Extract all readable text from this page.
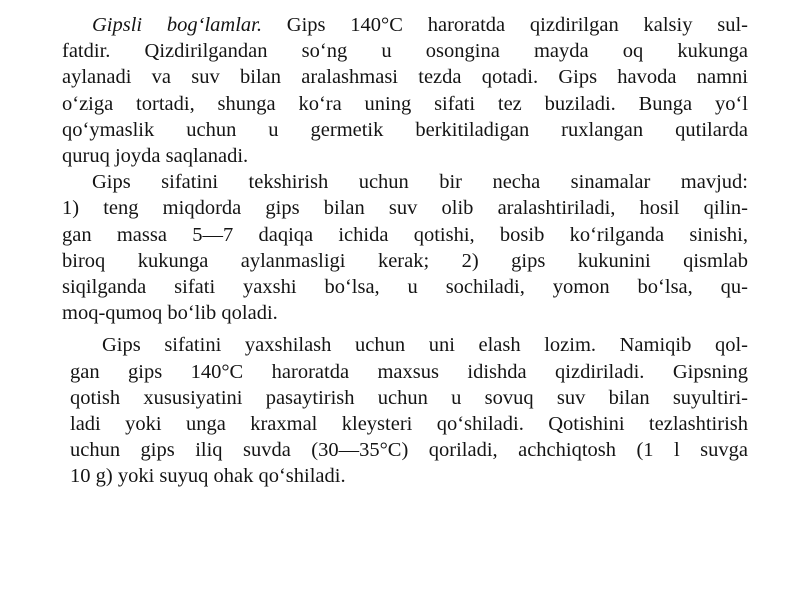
Gipsli bog‘lamlar. Gips 140°C haroratda qizdirilgan kalsiy sul-
fatdir. Qizdirilgandan so‘ng u osongina mayda oq kukunga
aylanadi va suv bilan aralashmasi tezda qotadi. Gips havoda namni
o‘ziga tortadi, shunga ko‘ra uning sifati tez buziladi. Bunga yo‘l
qo‘ymaslik uchun u germetik berkitiladigan ruxlangan qutilarda
quruq joyda saqlanadi.

Gips sifatini tekshirish uchun bir necha sinamalar mavjud:
1) teng miqdorda gips bilan suv olib aralashtiriladi, hosil qilin-
gan massa 5—7 daqiqa ichida qotishi, bosib ko‘rilganda sinishi,
biroq kukunga aylanmasligi kerak; 2) gips kukunini qismlab
siqilganda sifati yaxshi bo‘lsa, u sochiladi, yomon bo‘lsa, qu-
moq-qumoq bo‘lib qoladi.

Gips sifatini yaxshilash uchun uni elash lozim. Namiqib qol-
gan gips 140°C haroratda maxsus idishda qizdiriladi. Gipsning
qotish xususiyatini pasaytirish uchun u sovuq suv bilan suyultiri-
ladi yoki unga kraxmal kleysteri qo‘shiladi. Qotishini tezlashtirish
uchun gips iliq suvda (30—35°C) qoriladi, achchiqtosh (1 l suvga
10 g) yoki suyuq ohak qo‘shiladi.
